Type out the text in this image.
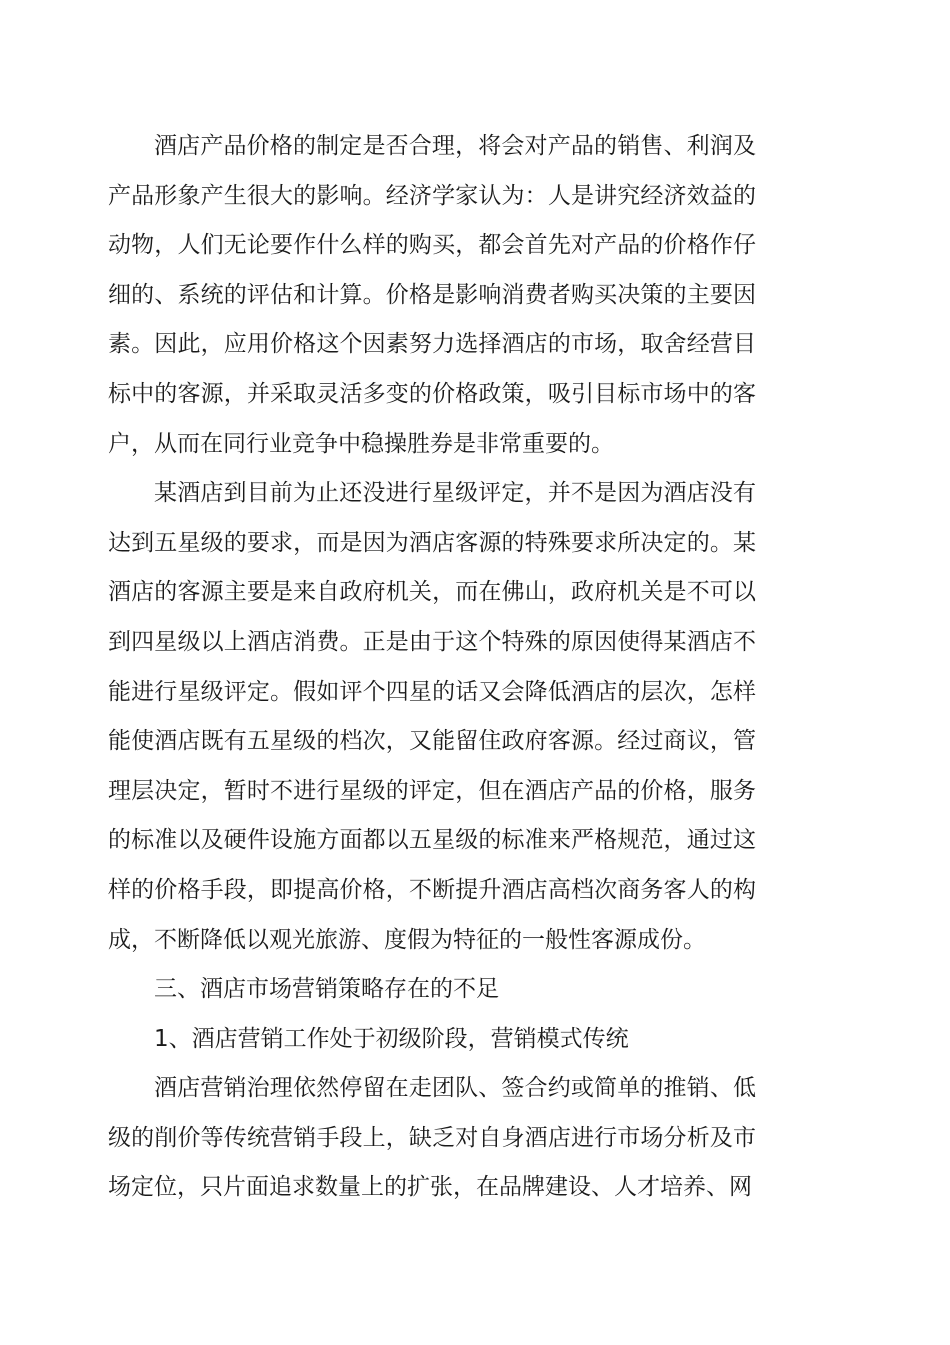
酒店产品价格的制定是否合理，将会对产品的销售、利润及产品形象产生很大的影响。经济学家认为：人是讲究经济效益的动物，人们无论要作什么样的购买，都会首先对产品的价格作仔细的、系统的评估和计算。价格是影响消费者购买决策的主要因素。因此，应用价格这个因素努力选择酒店的市场，取舍经营目标中的客源，并采取灵活多变的价格政策，吸引目标市场中的客户，从而在同行业竞争中稳操胜券是非常重要的。

某酒店到目前为止还没进行星级评定，并不是因为酒店没有达到五星级的要求，而是因为酒店客源的特殊要求所决定的。某酒店的客源主要是来自政府机关，而在佛山，政府机关是不可以到四星级以上酒店消费。正是由于这个特殊的原因使得某酒店不能进行星级评定。假如评个四星的话又会降低酒店的层次，怎样能使酒店既有五星级的档次，又能留住政府客源。经过商议，管理层决定，暂时不进行星级的评定，但在酒店产品的价格，服务的标准以及硬件设施方面都以五星级的标准来严格规范，通过这样的价格手段，即提高价格，不断提升酒店高档次商务客人的构成，不断降低以观光旅游、度假为特征的一般性客源成份。

三、酒店市场营销策略存在的不足

1、酒店营销工作处于初级阶段，营销模式传统

酒店营销治理依然停留在走团队、签合约或简单的推销、低级的削价等传统营销手段上，缺乏对自身酒店进行市场分析及市场定位，只片面追求数量上的扩张，在品牌建设、人才培养、网
